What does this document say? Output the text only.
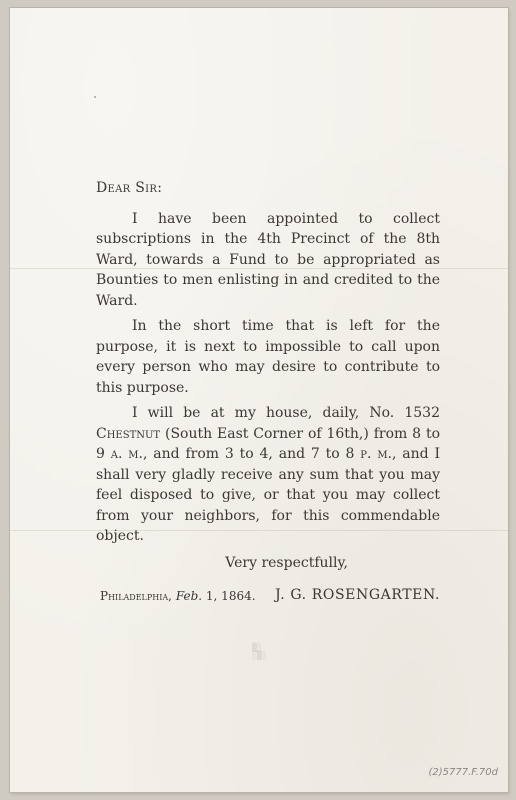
Dear Sir:

I have been appointed to collect subscriptions in the 4th Precinct of the 8th Ward, towards a Fund to be appropriated as Bounties to men enlisting in and credited to the Ward.

In the short time that is left for the purpose, it is next to impossible to call upon every person who may desire to contribute to this purpose.

I will be at my house, daily, No. 1532 Chestnut (South East Corner of 16th,) from 8 to 9 a. m., and from 3 to 4, and 7 to 8 p. m., and I shall very gladly receive any sum that you may feel disposed to give, or that you may collect from your neighbors, for this commendable object.

Very respectfully,
J. G. ROSENGARTEN.
Philadelphia, Feb. 1, 1864.
▒░
░▒░
(2)5777.F.70d
